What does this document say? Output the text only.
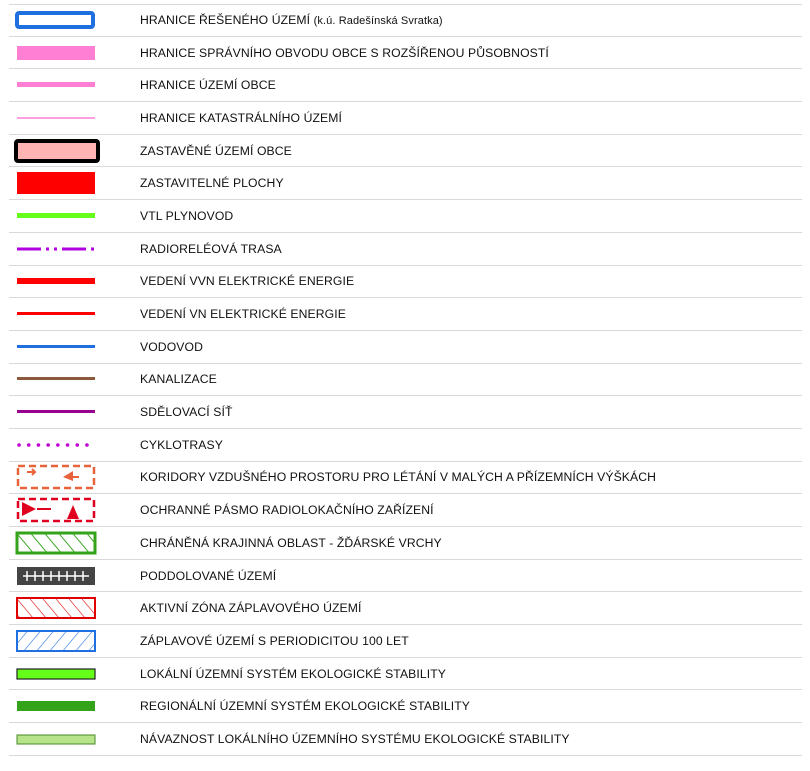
HRANICE ŘEŠENÉHO ÚZEMÍ (k.ú. Radešínská Svratka)
HRANICE SPRÁVNÍHO OBVODU OBCE S ROZŠÍŘENOU PŮSOBNOSTÍ
HRANICE ÚZEMÍ OBCE
HRANICE KATASTRÁLNÍHO ÚZEMÍ
ZASTAVĚNÉ ÚZEMÍ OBCE
ZASTAVITELNÉ PLOCHY
VTL PLYNOVOD
RADIORELÉOVÁ TRASA
VEDENÍ VVN ELEKTRICKÉ ENERGIE
VEDENÍ VN ELEKTRICKÉ ENERGIE
VODOVOD
KANALIZACE
SDĚLOVACÍ SÍŤ
CYKLOTRASY
KORIDORY VZDUŠNÉHO PROSTORU PRO LÉTÁNÍ V MALÝCH A PŘÍZEMNÍCH VÝŠKÁCH
OCHRANNÉ PÁSMO RADIOLOKAČNÍHO ZAŘÍZENÍ
CHRÁNĚNÁ KRAJINNÁ OBLAST - ŽĎÁRSKÉ VRCHY
PODDOLOVANÉ ÚZEMÍ
AKTIVNÍ ZÓNA ZÁPLAVOVÉHO ÚZEMÍ
ZÁPLAVOVÉ ÚZEMÍ S PERIODICITOU 100 LET
LOKÁLNÍ ÚZEMNÍ SYSTÉM EKOLOGICKÉ STABILITY
REGIONÁLNÍ ÚZEMNÍ SYSTÉM EKOLOGICKÉ STABILITY
NÁVAZNOST LOKÁLNÍHO ÚZEMNÍHO SYSTÉMU EKOLOGICKÉ STABILITY
